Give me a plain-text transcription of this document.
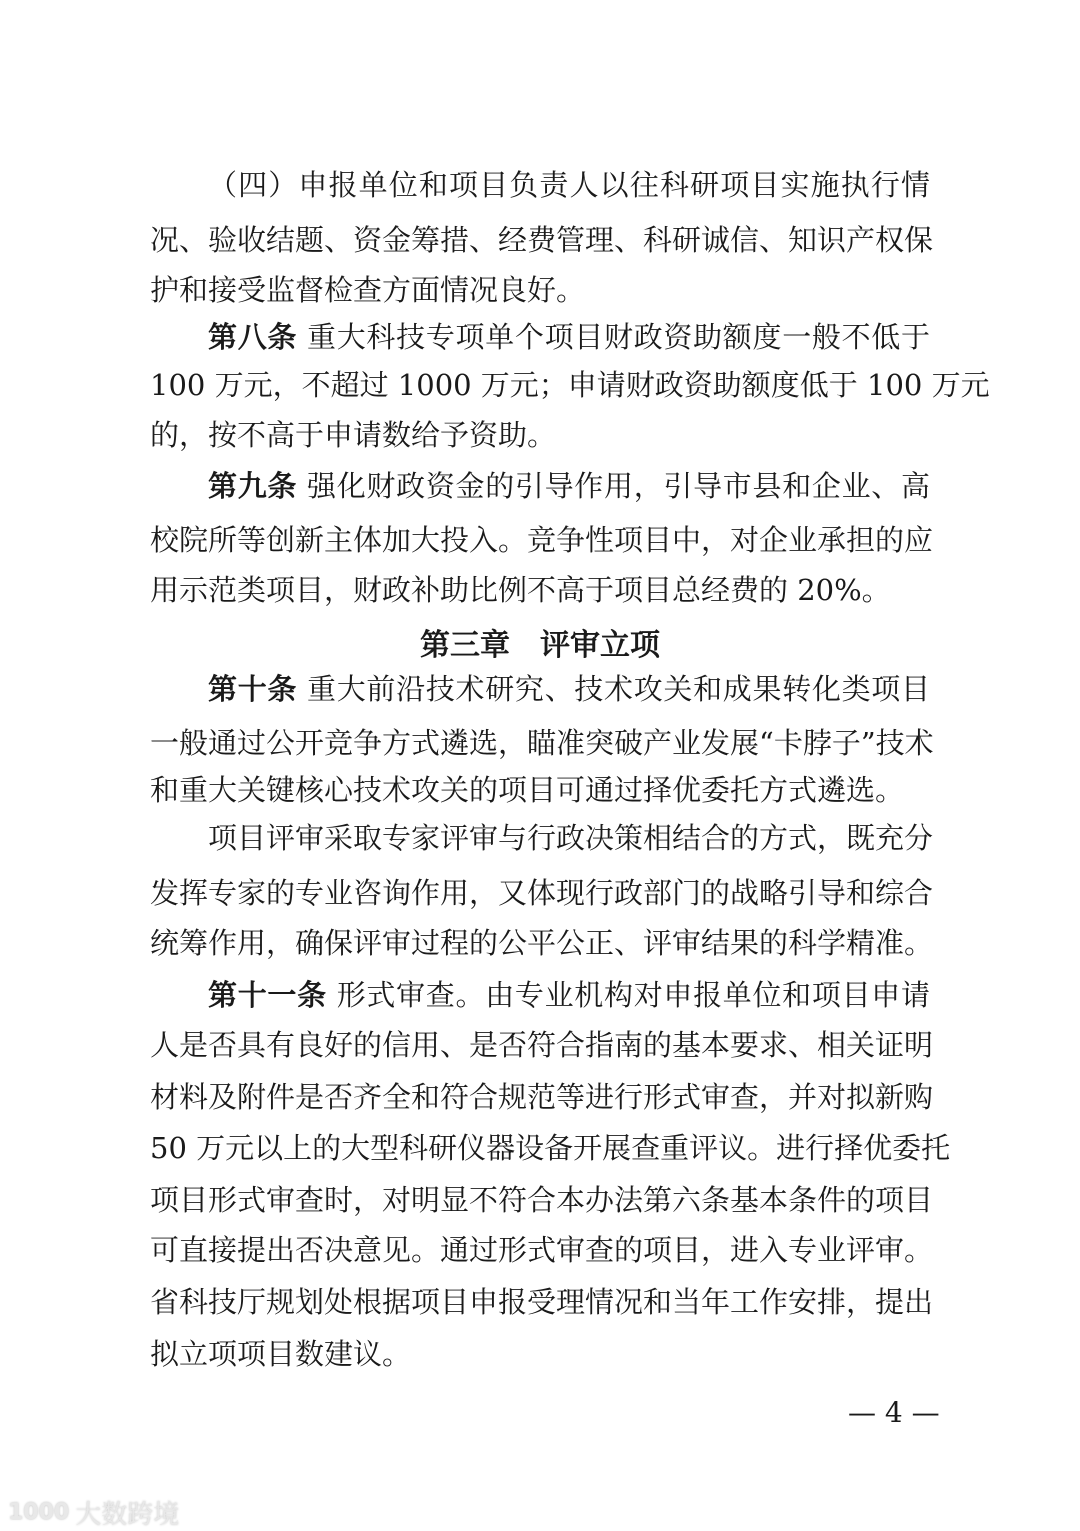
（四）申报单位和项目负责人以往科研项目实施执行情
况、验收结题、资金筹措、经费管理、科研诚信、知识产权保
护和接受监督检查方面情况良好。
第八条 重大科技专项单个项目财政资助额度一般不低于
100 万元，不超过 1000 万元；申请财政资助额度低于 100 万元
的，按不高于申请数给予资助。
第九条 强化财政资金的引导作用，引导市县和企业、高
校院所等创新主体加大投入。竞争性项目中，对企业承担的应
用示范类项目，财政补助比例不高于项目总经费的 20%。
第十条 重大前沿技术研究、技术攻关和成果转化类项目
一般通过公开竞争方式遴选，瞄准突破产业发展“卡脖子”技术
和重大关键核心技术攻关的项目可通过择优委托方式遴选。
项目评审采取专家评审与行政决策相结合的方式，既充分
发挥专家的专业咨询作用，又体现行政部门的战略引导和综合
统筹作用，确保评审过程的公平公正、评审结果的科学精准。
第十一条 形式审查。由专业机构对申报单位和项目申请
人是否具有良好的信用、是否符合指南的基本要求、相关证明
材料及附件是否齐全和符合规范等进行形式审查，并对拟新购
50 万元以上的大型科研仪器设备开展查重评议。进行择优委托
项目形式审查时，对明显不符合本办法第六条基本条件的项目
可直接提出否决意见。通过形式审查的项目，进入专业评审。
省科技厅规划处根据项目申报受理情况和当年工作安排，提出
拟立项项目数建议。
第三章　评审立项
— 4 —
1000 大数跨境
